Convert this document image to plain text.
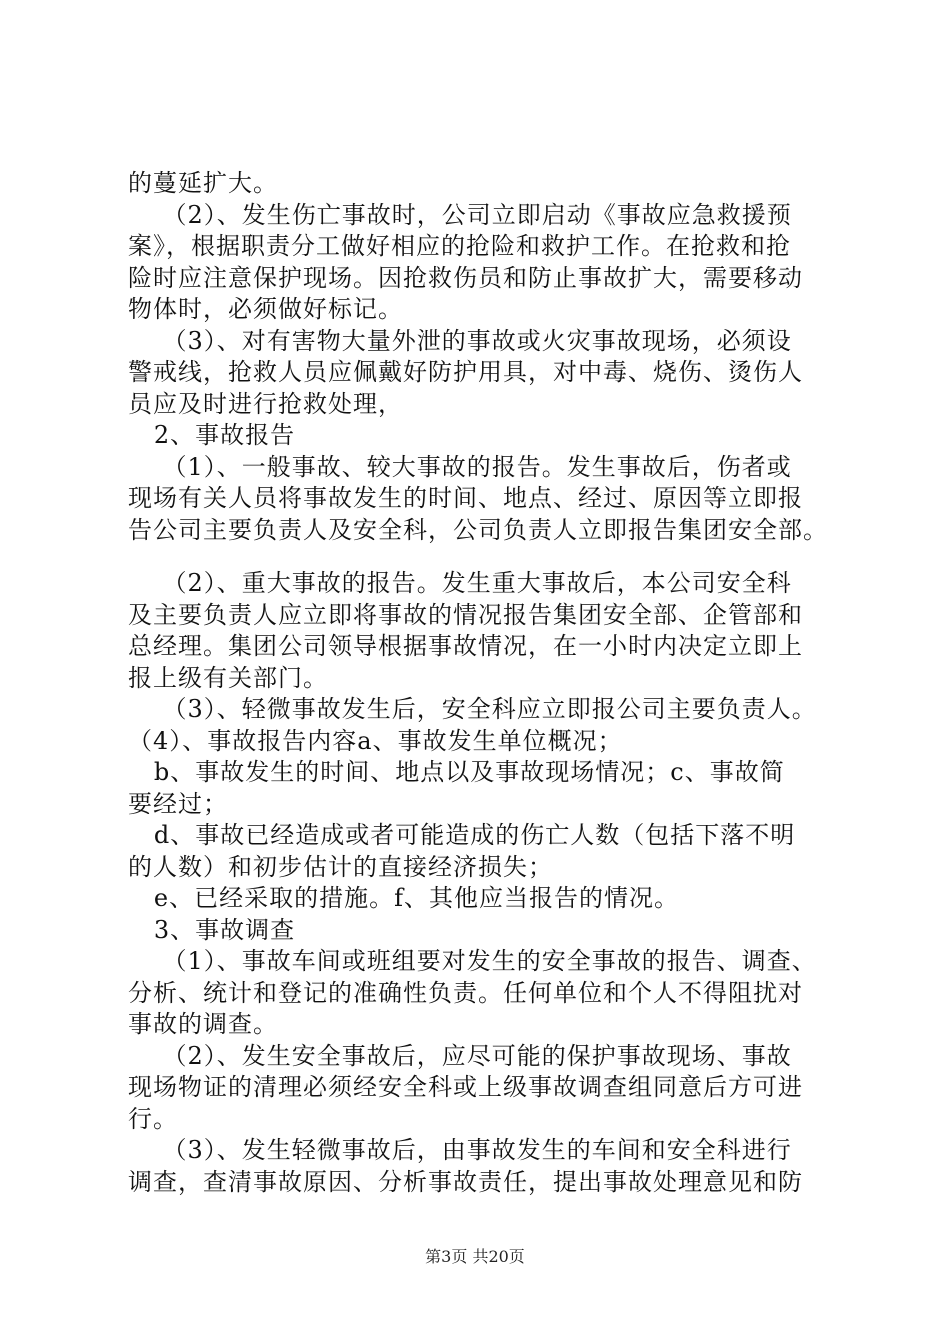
的蔓延扩大。
（2）、发生伤亡事故时，公司立即启动《事故应急救援预
案》，根据职责分工做好相应的抢险和救护工作。在抢救和抢
险时应注意保护现场。因抢救伤员和防止事故扩大，需要移动
物体时，必须做好标记。
（3）、对有害物大量外泄的事故或火灾事故现场，必须设
警戒线，抢救人员应佩戴好防护用具，对中毒、烧伤、烫伤人
员应及时进行抢救处理，
2、事故报告
（1）、一般事故、较大事故的报告。发生事故后，伤者或
现场有关人员将事故发生的时间、地点、经过、原因等立即报
告公司主要负责人及安全科，公司负责人立即报告集团安全部。
（2）、重大事故的报告。发生重大事故后，本公司安全科
及主要负责人应立即将事故的情况报告集团安全部、企管部和
总经理。集团公司领导根据事故情况，在一小时内决定立即上
报上级有关部门。
（3）、轻微事故发生后，安全科应立即报公司主要负责人。
（4）、事故报告内容a、事故发生单位概况；
b、事故发生的时间、地点以及事故现场情况；c、事故简
要经过；
d、事故已经造成或者可能造成的伤亡人数（包括下落不明
的人数）和初步估计的直接经济损失；
e、已经采取的措施。f、其他应当报告的情况。
3、事故调查
（1）、事故车间或班组要对发生的安全事故的报告、调查、
分析、统计和登记的准确性负责。任何单位和个人不得阻扰对
事故的调查。
（2）、发生安全事故后，应尽可能的保护事故现场、事故
现场物证的清理必须经安全科或上级事故调查组同意后方可进
行。
（3）、发生轻微事故后，由事故发生的车间和安全科进行
调查，查清事故原因、分析事故责任，提出事故处理意见和防
第3页 共20页
